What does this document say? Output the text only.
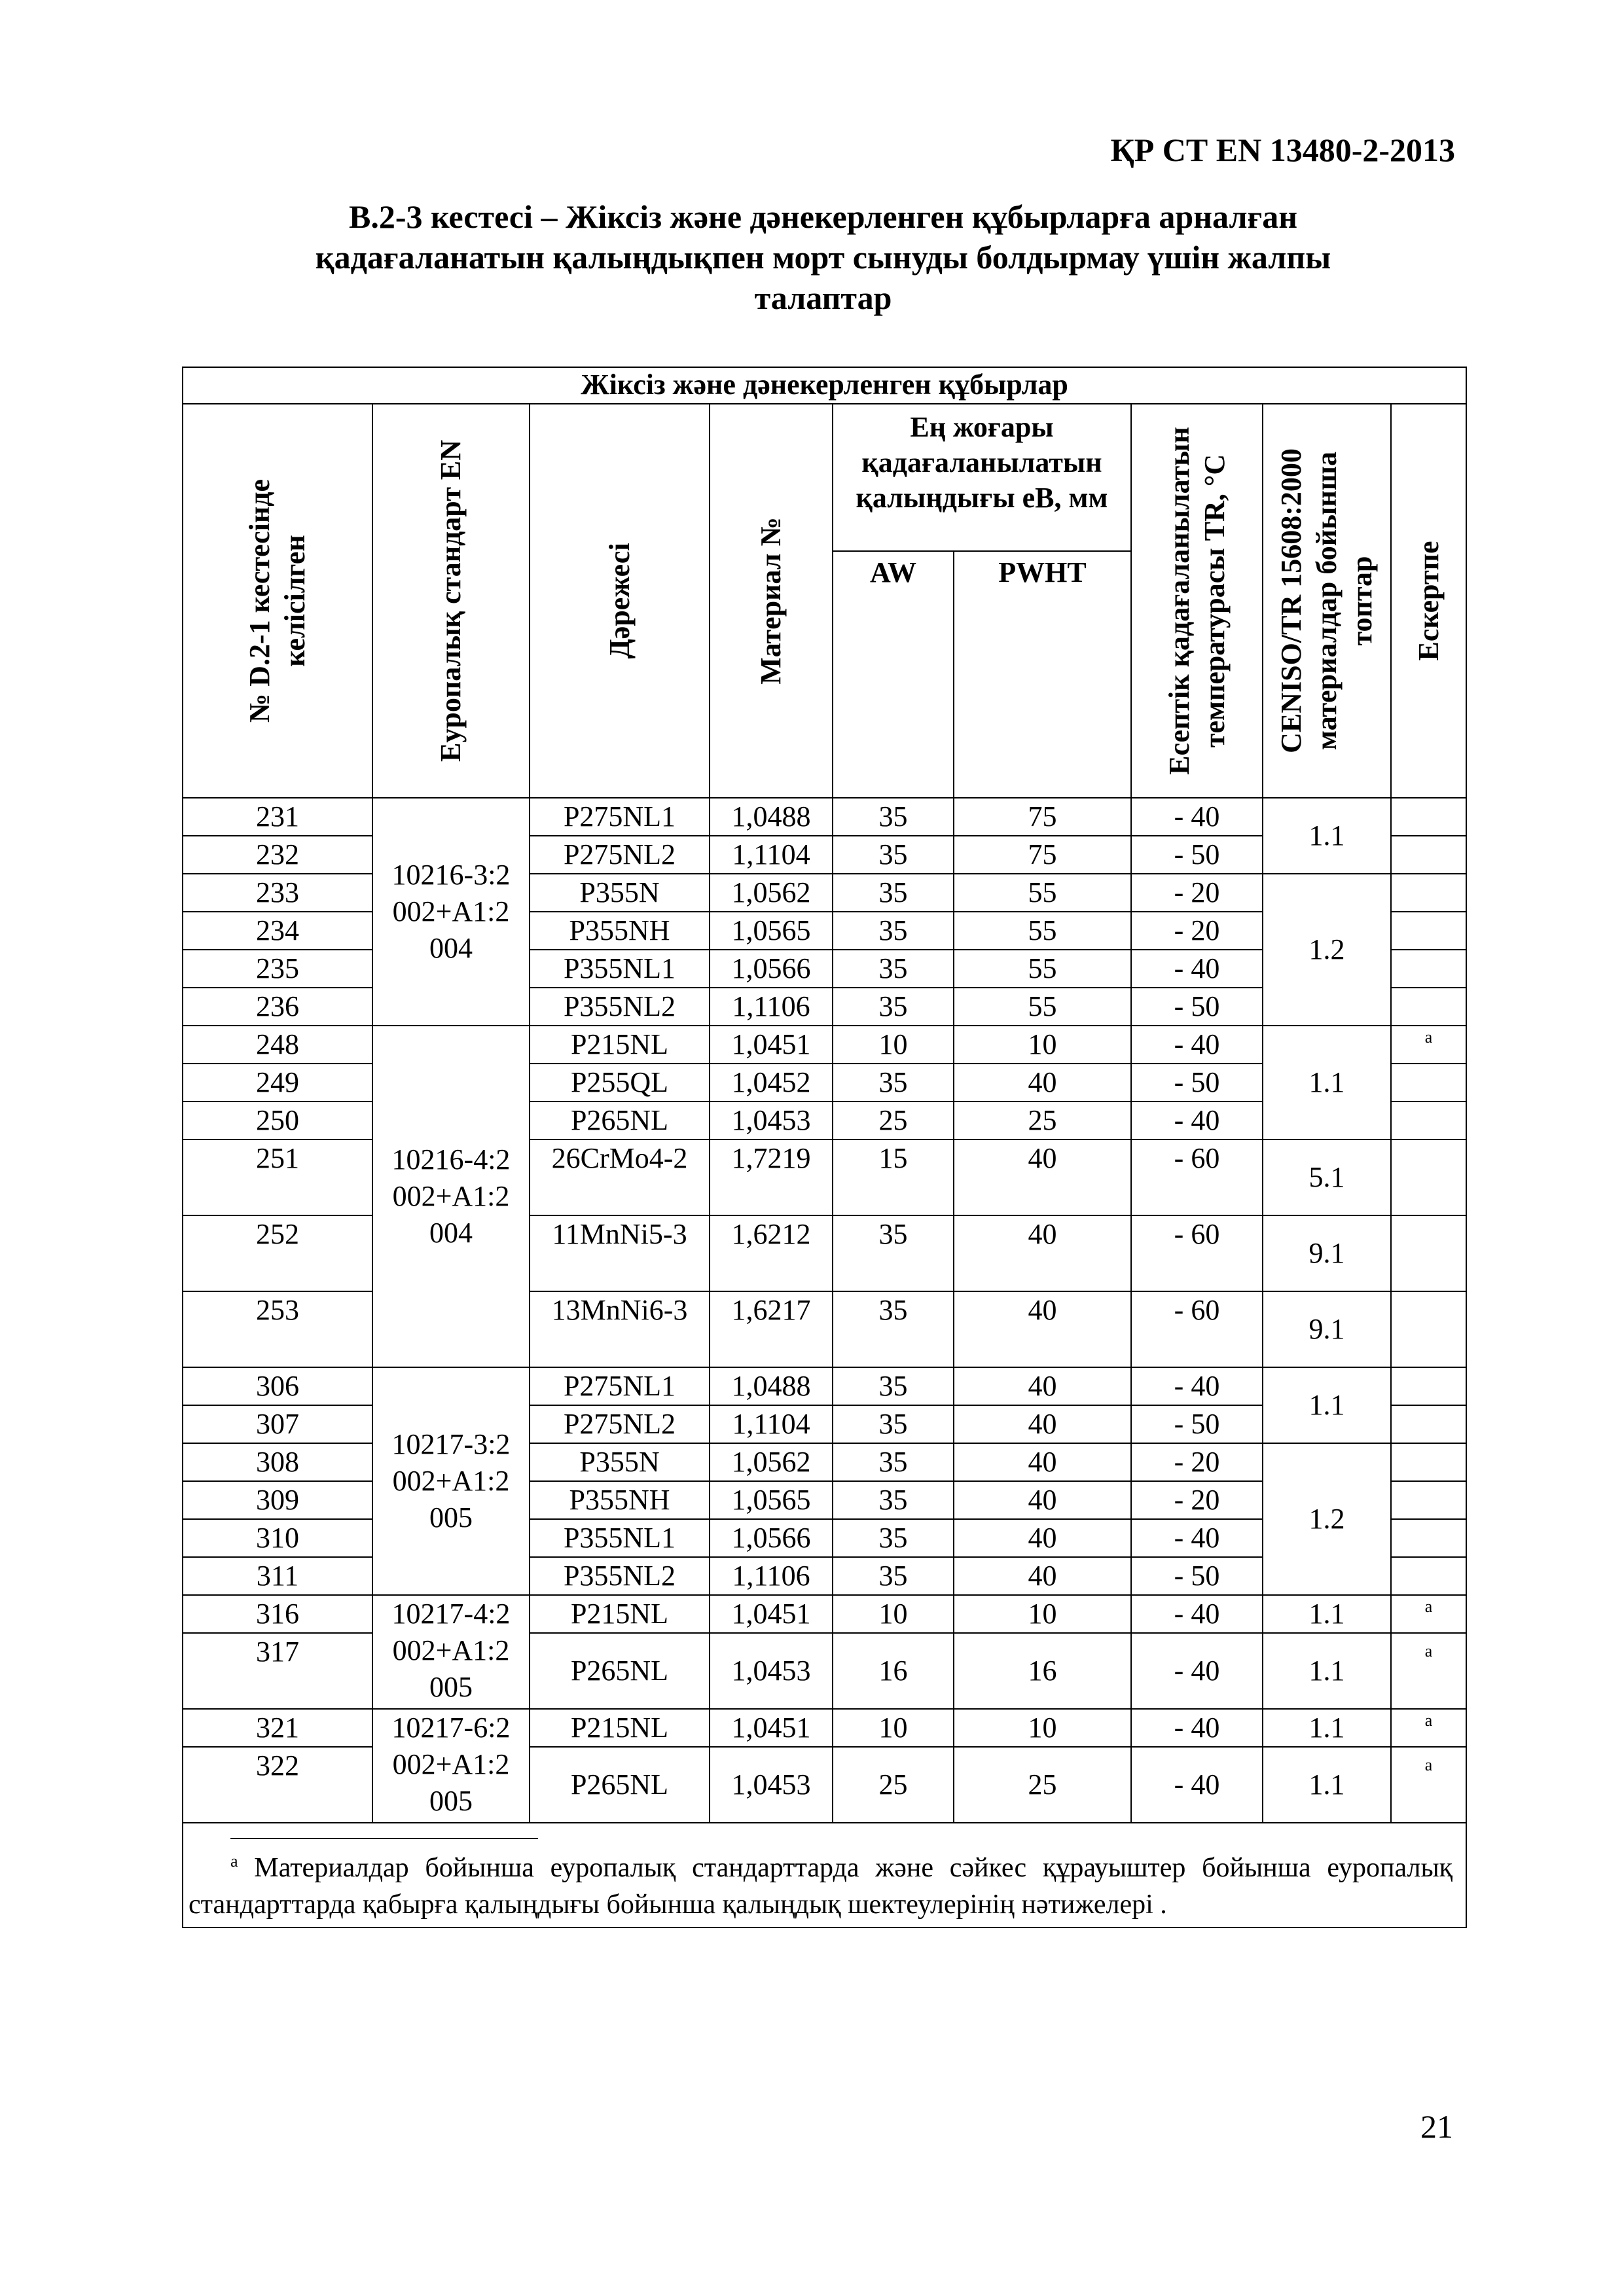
ҚР СТ EN 13480-2-2013
В.2-3 кестесі – Жіксіз және дәнекерленген құбырларға арналған
қадағаланатын қалыңдықпен морт сынуды болдырмау үшін жалпы
талаптар
Жіксіз және дәнекерленген құбырлар								

№ D.2-1 кестесінде келісілген	Еуропалық стандарт EN	Дәрежесі	Материал №	Ең жоғары қадағаланылатын қалыңдығы eB, мм		Есептік қадағаланылатын температурасы TR, °C	CENISO/TR 15608:2000 материалдар бойынша топтар	Ескертпе

				AW	PWHT			
231	10216-3:2002+A1:2004	P275NL1	1,0488	35	75	- 40	1.1	
232		P275NL2	1,1104	35	75	- 50		
233		P355N	1,0562	35	55	- 20	1.2	
234		P355NH	1,0565	35	55	- 20		
235		P355NL1	1,0566	35	55	- 40		
236		P355NL2	1,1106	35	55	- 50		
248	10216-4:2002+A1:2004	P215NL	1,0451	10	10	- 40	1.1	a

249		P255QL	1,0452	35	40	- 50		
250		P265NL	1,0453	25	25	- 40		
251		26CrMo4-2	1,7219	15	40	- 60	5.1	
252		11MnNi5-3	1,6212	35	40	- 60	9.1	
253		13MnNi6-3	1,6217	35	40	- 60	9.1	
306	10217-3:2002+A1:2005	P275NL1	1,0488	35	40	- 40	1.1	
307		P275NL2	1,1104	35	40	- 50		
308		P355N	1,0562	35	40	- 20	1.2	
309		P355NH	1,0565	35	40	- 20		
310		P355NL1	1,0566	35	40	- 40		
311		P355NL2	1,1106	35	40	- 50		
316	10217-4:2002+A1:2005	P215NL	1,0451	10	10	- 40	1.1	a

317		P265NL	1,0453	16	16	- 40	1.1	a

321	10217-6:2002+A1:2005	P215NL	1,0451	10	10	- 40	1.1	a

322		P265NL	1,0453	25	25	- 40	1.1	a

$^a$ Материалдар бойынша еуропалық стандарттарда және сәйкес құрауыштер бойынша еуропалық стандарттарда қабырға қалыңдығы бойынша қалыңдық шектеулерінің нәтижелері .								
21
